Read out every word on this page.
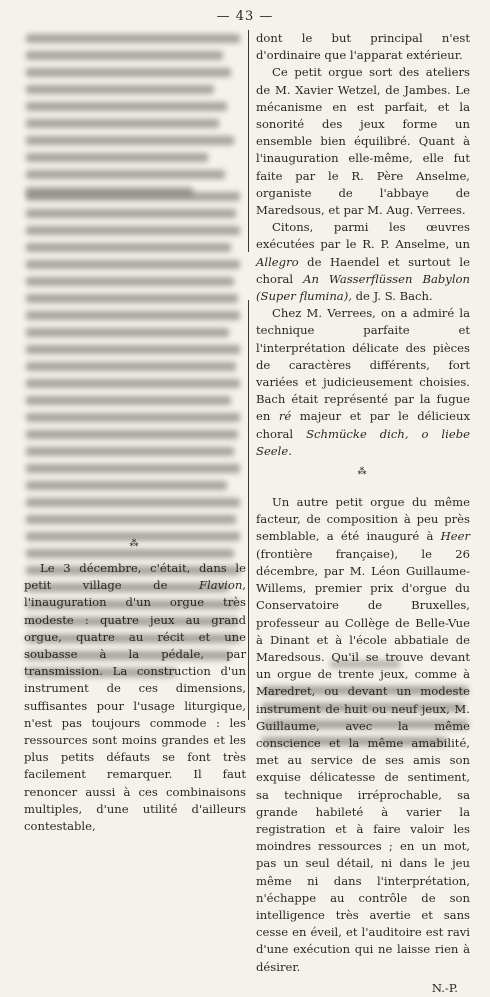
— 43 —

dont le but principal n'est d'ordinaire que l'apparat extérieur.

Ce petit orgue sort des ateliers de M. Xavier Wetzel, de Jambes. Le mécanisme en est parfait, et la sonorité des jeux forme un ensemble bien équilibré. Quant à l'inauguration elle-même, elle fut faite par le R. Père Anselme, organiste de l'abbaye de Maredsous, et par M. Aug. Verrees.

Citons, parmi les œuvres exécutées par le R. P. Anselme, un Allegro de Haendel et surtout le choral An Wasserflüssen Babylon (Super flumina), de J. S. Bach.

Chez M. Verrees, on a admiré la technique parfaite et l'interprétation délicate des pièces de caractères différents, fort variées et judicieusement choisies. Bach était représenté par la fugue en ré majeur et par le délicieux choral Schmücke dich, o liebe Seele.

⁂

Un autre petit orgue du même facteur, de composition à peu près semblable, a été inauguré à Heer (frontière française), le 26 décembre, par M. Léon Guillaume-Willems, premier prix d'orgue du Conservatoire de Bruxelles, professeur au Collège de Belle-Vue à Dinant et à l'école abbatiale de Maredsous. Qu'il se trouve devant un orgue de trente jeux, comme à Maredret, ou devant un modeste instrument de huit ou neuf jeux, M. Guillaume, avec la même conscience et la même amabilité, met au service de ses amis son exquise délicatesse de sentiment, sa technique irréprochable, sa grande habileté à varier la registration et à faire valoir les moindres ressources ; en un mot, pas un seul détail, ni dans le jeu même ni dans l'interprétation, n'échappe au contrôle de son intelligence très avertie et sans cesse en éveil, et l'auditoire est ravi d'une exécution qui ne laisse rien à désirer.

N.-P.
⁂

Le 3 décembre, c'était, dans le petit village de Flavion, l'inauguration d'un orgue très modeste : quatre jeux au grand orgue, quatre au récit et une soubasse à la pédale, par transmission. La construction d'un instrument de ces dimensions, suffisantes pour l'usage liturgique, n'est pas toujours commode : les ressources sont moins grandes et les plus petits défauts se font très facilement remarquer. Il faut renoncer aussi à ces combinaisons multiples, d'une utilité d'ailleurs contestable,
